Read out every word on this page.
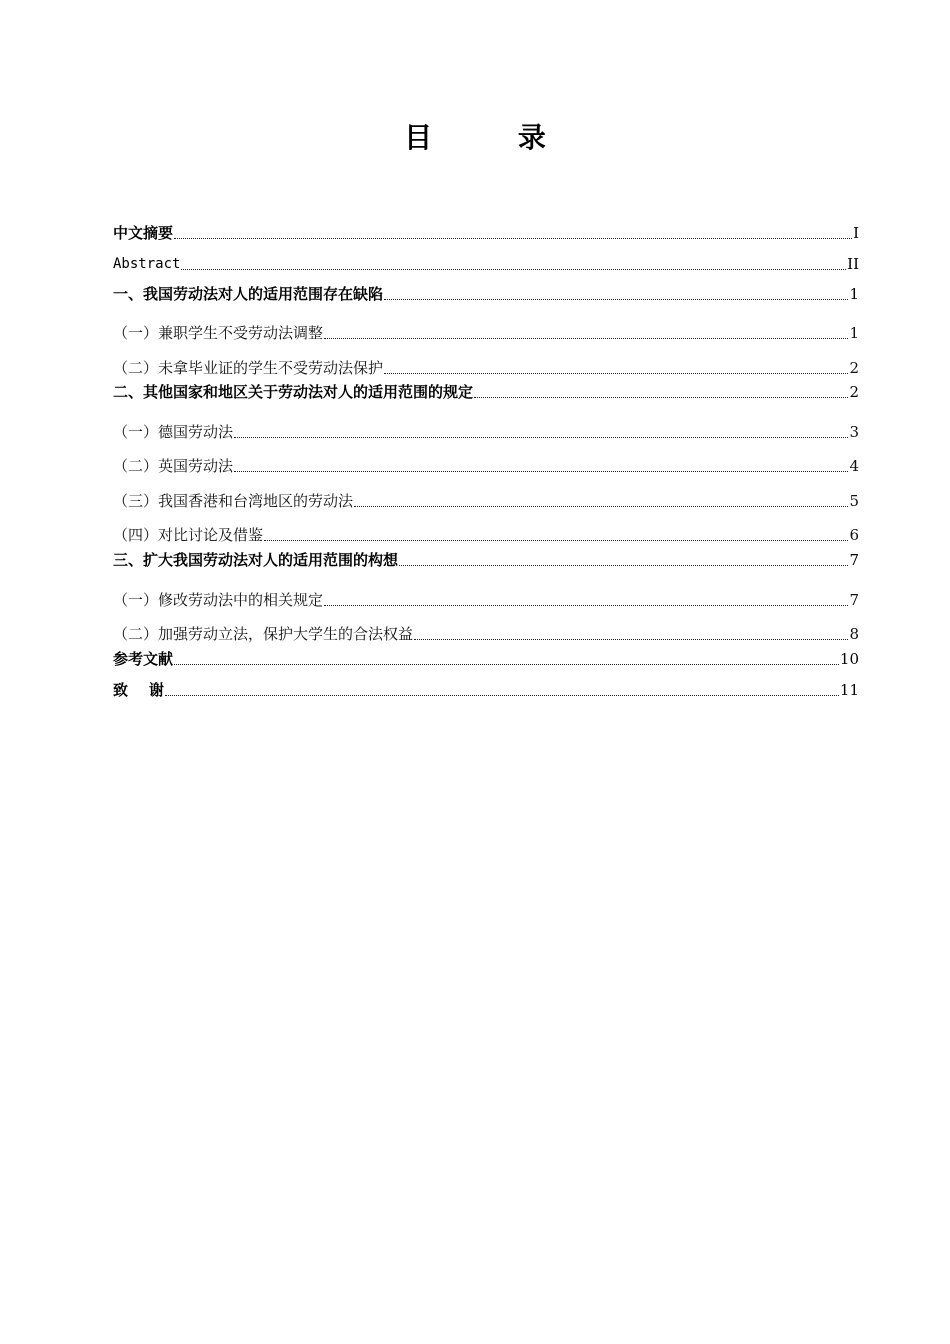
目 录
中文摘要	I
Abstract	II
一、我国劳动法对人的适用范围存在缺陷	1
（一）兼职学生不受劳动法调整	1
（二）未拿毕业证的学生不受劳动法保护	2
二、其他国家和地区关于劳动法对人的适用范围的规定	2
（一）德国劳动法	3
（二）英国劳动法	4
（三）我国香港和台湾地区的劳动法	5
（四）对比讨论及借鉴	6
三、扩大我国劳动法对人的适用范围的构想	7
（一）修改劳动法中的相关规定	7
（二）加强劳动立法，保护大学生的合法权益	8
参考文献	10
致    谢	11
